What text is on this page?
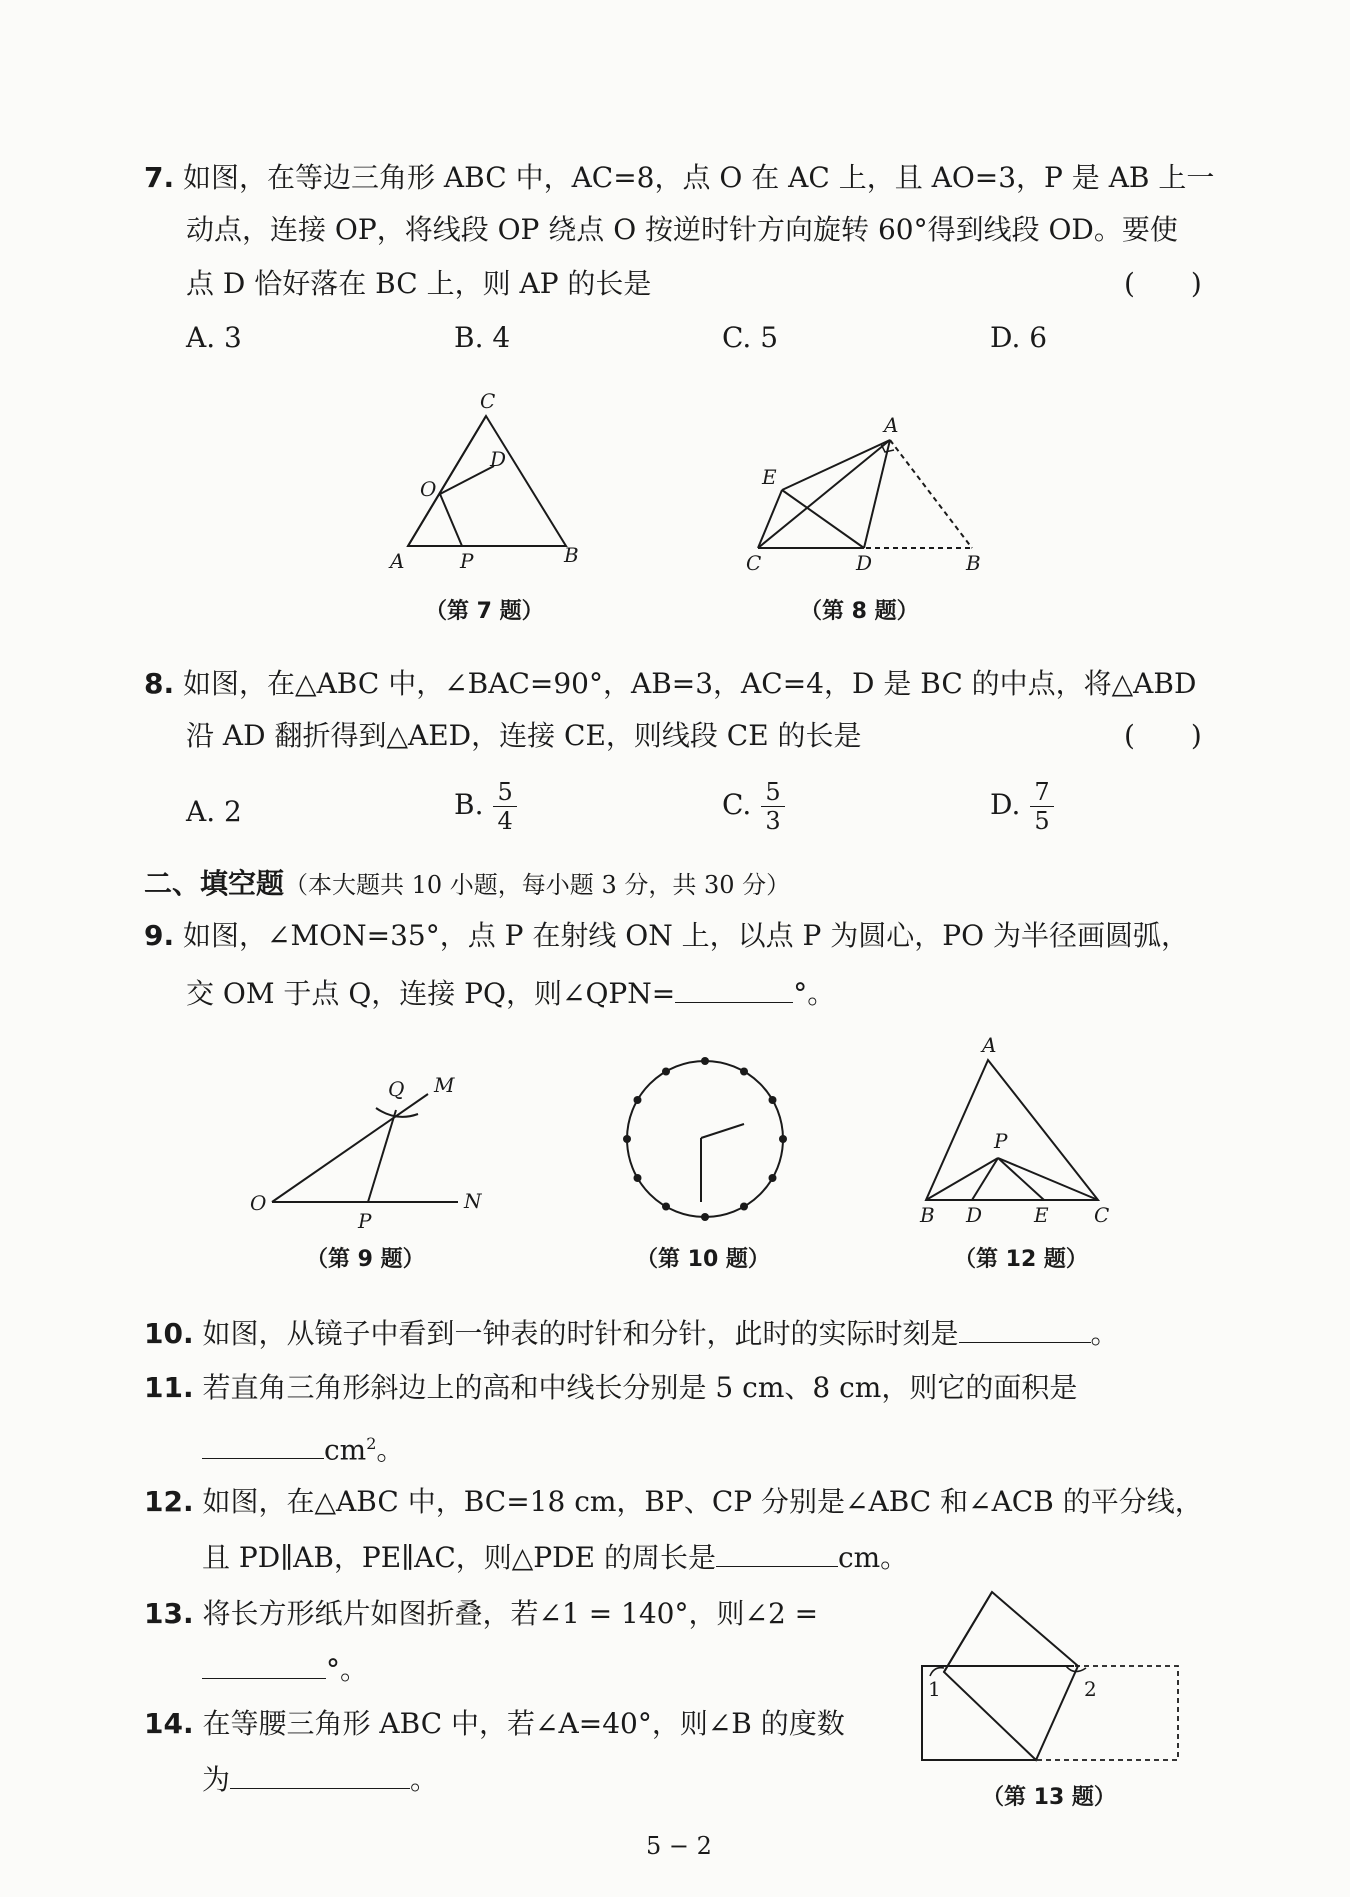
7. 如图，在等边三角形 ABC 中，AC=8，点 O 在 AC 上，且 AO=3，P 是 AB 上一
动点，连接 OP，将线段 OP 绕点 O 按逆时针方向旋转 60°得到线段 OD。要使
点 D 恰好落在 BC 上，则 AP 的长是	(　　)
A. 3	B. 4	C. 5	D. 6
A	B
C
O
P
D
（第 7 题）
A
B
C	D
E
（第 8 题）
8. 如图，在△ABC 中，∠BAC=90°，AB=3，AC=4，D 是 BC 的中点，将△ABD
沿 AD 翻折得到△AED，连接 CE，则线段 CE 的长是	(　　)
A. 2	B. $\frac{5}{4}$	C. $\frac{5}{3}$	D. $\frac{7}{5}$
二、填空题（本大题共 10 小题，每小题 3 分，共 30 分）
9. 如图，∠MON=35°，点 P 在射线 ON 上，以点 P 为圆心，PO 为半径画圆弧，
交 OM 于点 Q，连接 PQ，则∠QPN=	°。
O
P
N
Q M
（第 9 题）	（第 10 题）
A
B	C
D	E
P
（第 12 题）
10. 如图，从镜子中看到一钟表的时针和分针，此时的实际时刻是	。
11. 若直角三角形斜边上的高和中线长分别是 5 cm、8 cm，则它的面积是
$cm^2$。
12. 如图，在△ABC 中，BC=18 cm，BP、CP 分别是∠ABC 和∠ACB 的平分线，
且 PD∥AB，PE∥AC，则△PDE 的周长是	cm。
13. 将长方形纸片如图折叠，若∠1 = 140°，则∠2 =
°。
14. 在等腰三角形 ABC 中，若∠A=40°，则∠B 的度数
为	。
1	2
（第 13 题）
5 − 2
